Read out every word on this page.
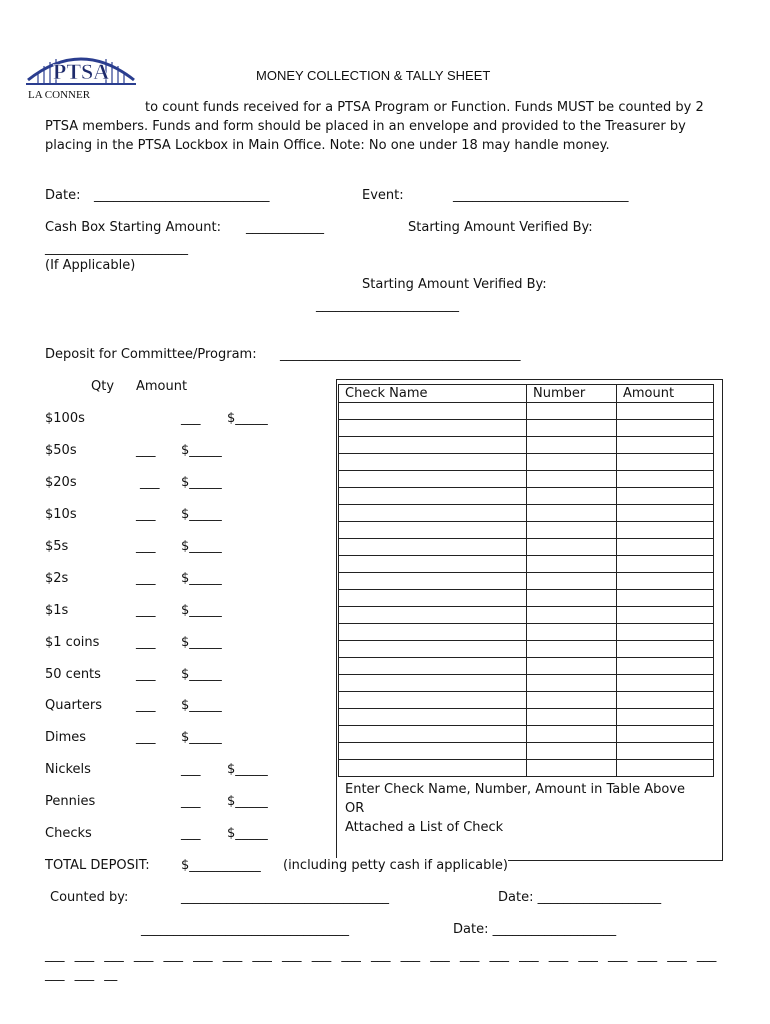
PTSA
LA CONNER
MONEY COLLECTION & TALLY SHEET
to count funds received for a PTSA Program or Function. Funds MUST be counted by 2 PTSA members. Funds and form should be placed in an envelope and provided to the Treasurer by placing in the PTSA Lockbox in Main Office. Note: No one under 18 may handle money.
Date: ___________________________	Event:	___________________________
Cash Box Starting Amount: ____________	Starting Amount Verified By:
______________________
(If Applicable)
Starting Amount Verified By:
______________________
Deposit for Committee/Program: _____________________________________
Qty Amount
$100s	___ $_____
$50s	___ $_____
$20s	___ $_____
$10s	___ $_____
$5s	___ $_____
$2s	___ $_____
$1s	___ $_____
$1 coins	___ $_____
50 cents	___ $_____
Quarters	___ $_____
Dimes	___ $_____
Nickels	___ $_____
Pennies	___ $_____
Checks	___ $_____
Check Name	Number	Amount

Enter Check Name, Number, Amount in Table Above
OR
Attached a List of Check
TOTAL DEPOSIT: $___________ (including petty cash if applicable)
Counted by:	________________________________	Date: ___________________
________________________________	Date: ___________________
___ ___ ___ ___ ___ ___ ___ ___ ___ ___ ___ ___ ___ ___ ___ ___ ___ ___ ___ ___ ___ ___ ___ ___ ___ __
